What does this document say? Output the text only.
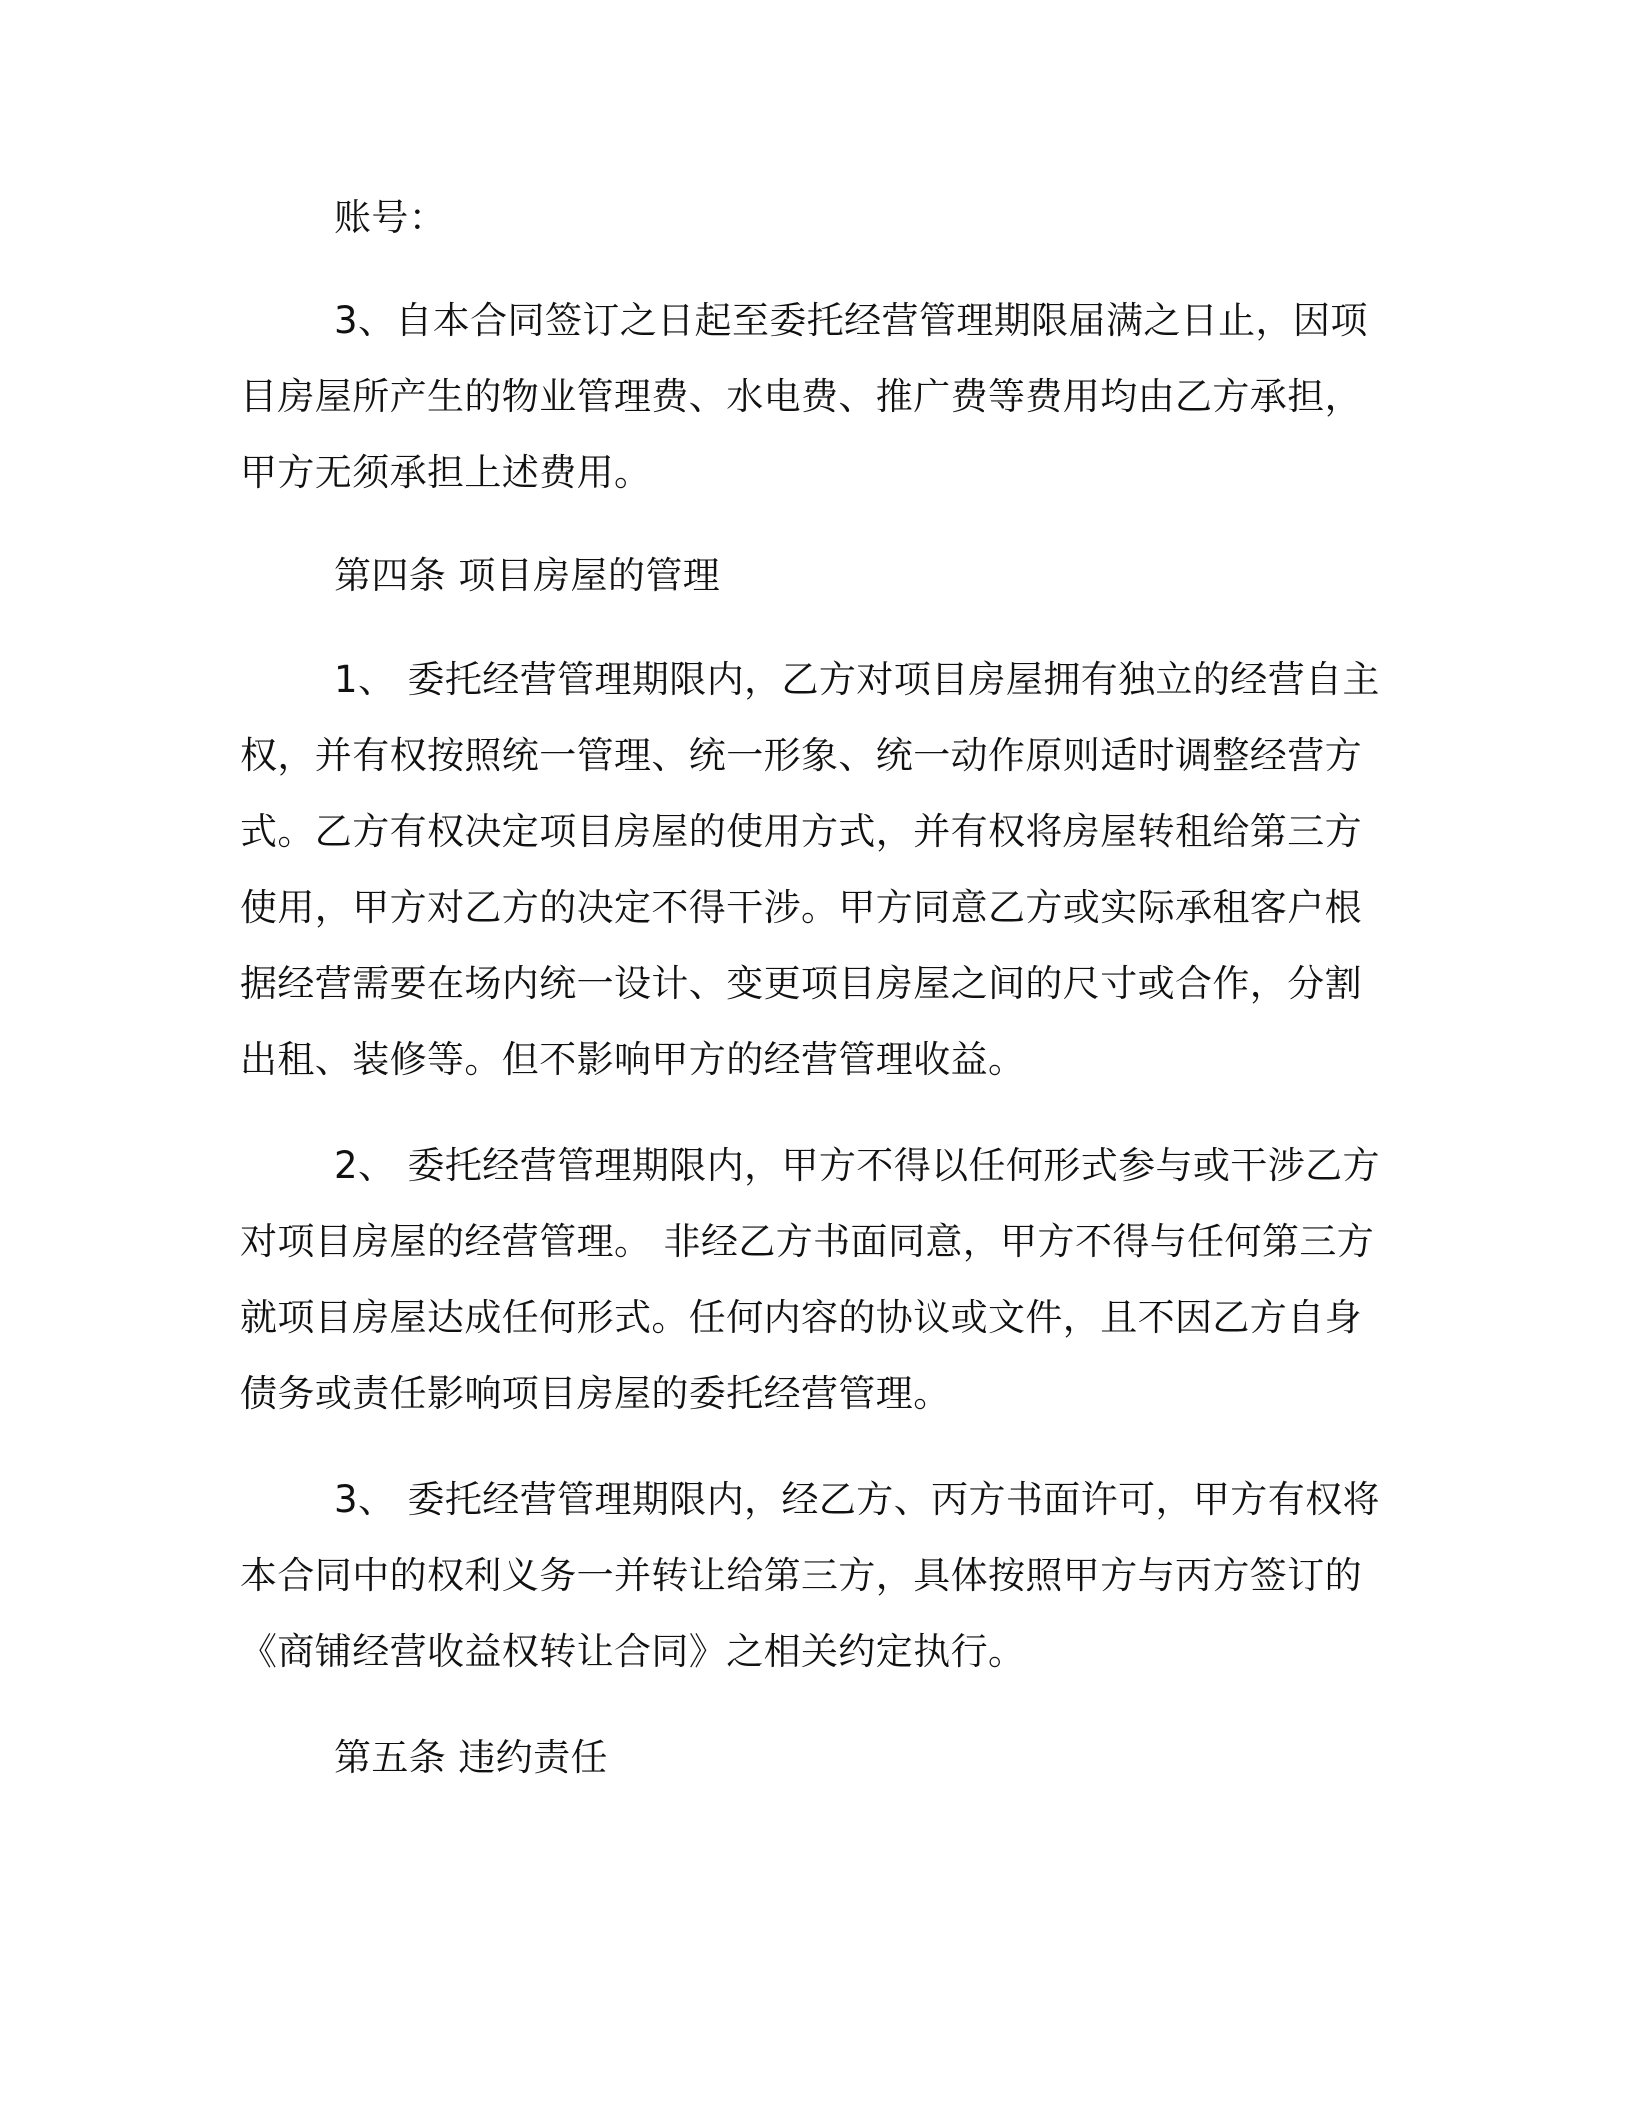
账号：

3、自本合同签订之日起至委托经营管理期限届满之日止，因项

目房屋所产生的物业管理费、水电费、推广费等费用均由乙方承担，

甲方无须承担上述费用。

第四条 项目房屋的管理

1、 委托经营管理期限内，乙方对项目房屋拥有独立的经营自主

权，并有权按照统一管理、统一形象、统一动作原则适时调整经营方

式。乙方有权决定项目房屋的使用方式，并有权将房屋转租给第三方

使用，甲方对乙方的决定不得干涉。甲方同意乙方或实际承租客户根

据经营需要在场内统一设计、变更项目房屋之间的尺寸或合作，分割

出租、装修等。但不影响甲方的经营管理收益。

2、 委托经营管理期限内，甲方不得以任何形式参与或干涉乙方

对项目房屋的经营管理。 非经乙方书面同意，甲方不得与任何第三方

就项目房屋达成任何形式。任何内容的协议或文件，且不因乙方自身

债务或责任影响项目房屋的委托经营管理。

3、 委托经营管理期限内，经乙方、丙方书面许可，甲方有权将

本合同中的权利义务一并转让给第三方，具体按照甲方与丙方签订的

《商铺经营收益权转让合同》之相关约定执行。

第五条 违约责任
